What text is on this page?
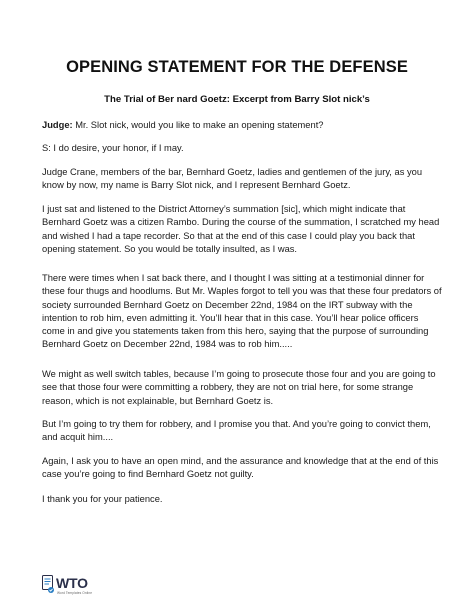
OPENING STATEMENT FOR THE DEFENSE
The Trial of Ber nard Goetz: Excerpt from Barry Slot nick’s

Judge: Mr. Slot nick, would you like to make an opening statement?

S: I do desire, your honor, if I may.

Judge Crane, members of the bar, Bernhard Goetz, ladies and gentlemen of the jury, as you know by now, my name is Barry Slot nick, and I represent Bernhard Goetz.

I just sat and listened to the District Attorney’s summation [sic], which might indicate that Bernhard Goetz was a citizen Rambo. During the course of the summation, I scratched my head and wished I had a tape recorder. So that at the end of this case I could play you back that opening statement. So you would be totally insulted, as I was.

There were times when I sat back there, and I thought I was sitting at a testimonial dinner for these four thugs and hoodlums. But Mr. Waples forgot to tell you was that these four predators of society surrounded Bernhard Goetz on December 22nd, 1984 on the IRT subway with the intention to rob him, even admitting it. You’ll hear that in this case. You’ll hear police officers come in and give you statements taken from this hero, saying that the purpose of surrounding Bernhard Goetz on December 22nd, 1984 was to rob him.....

We might as well switch tables, because I’m going to prosecute those four and you are going to see that those four were committing a robbery, they are not on trial here, for some strange reason, which is not explainable, but Bernhard Goetz is.

But I’m going to try them for robbery, and I promise you that. And you’re going to convict them, and acquit him....

Again, I ask you to have an open mind, and the assurance and knowledge that at the end of this case you’re going to find Bernhard Goetz not guilty.

I thank you for your patience.

WTO
Word Templates Online
